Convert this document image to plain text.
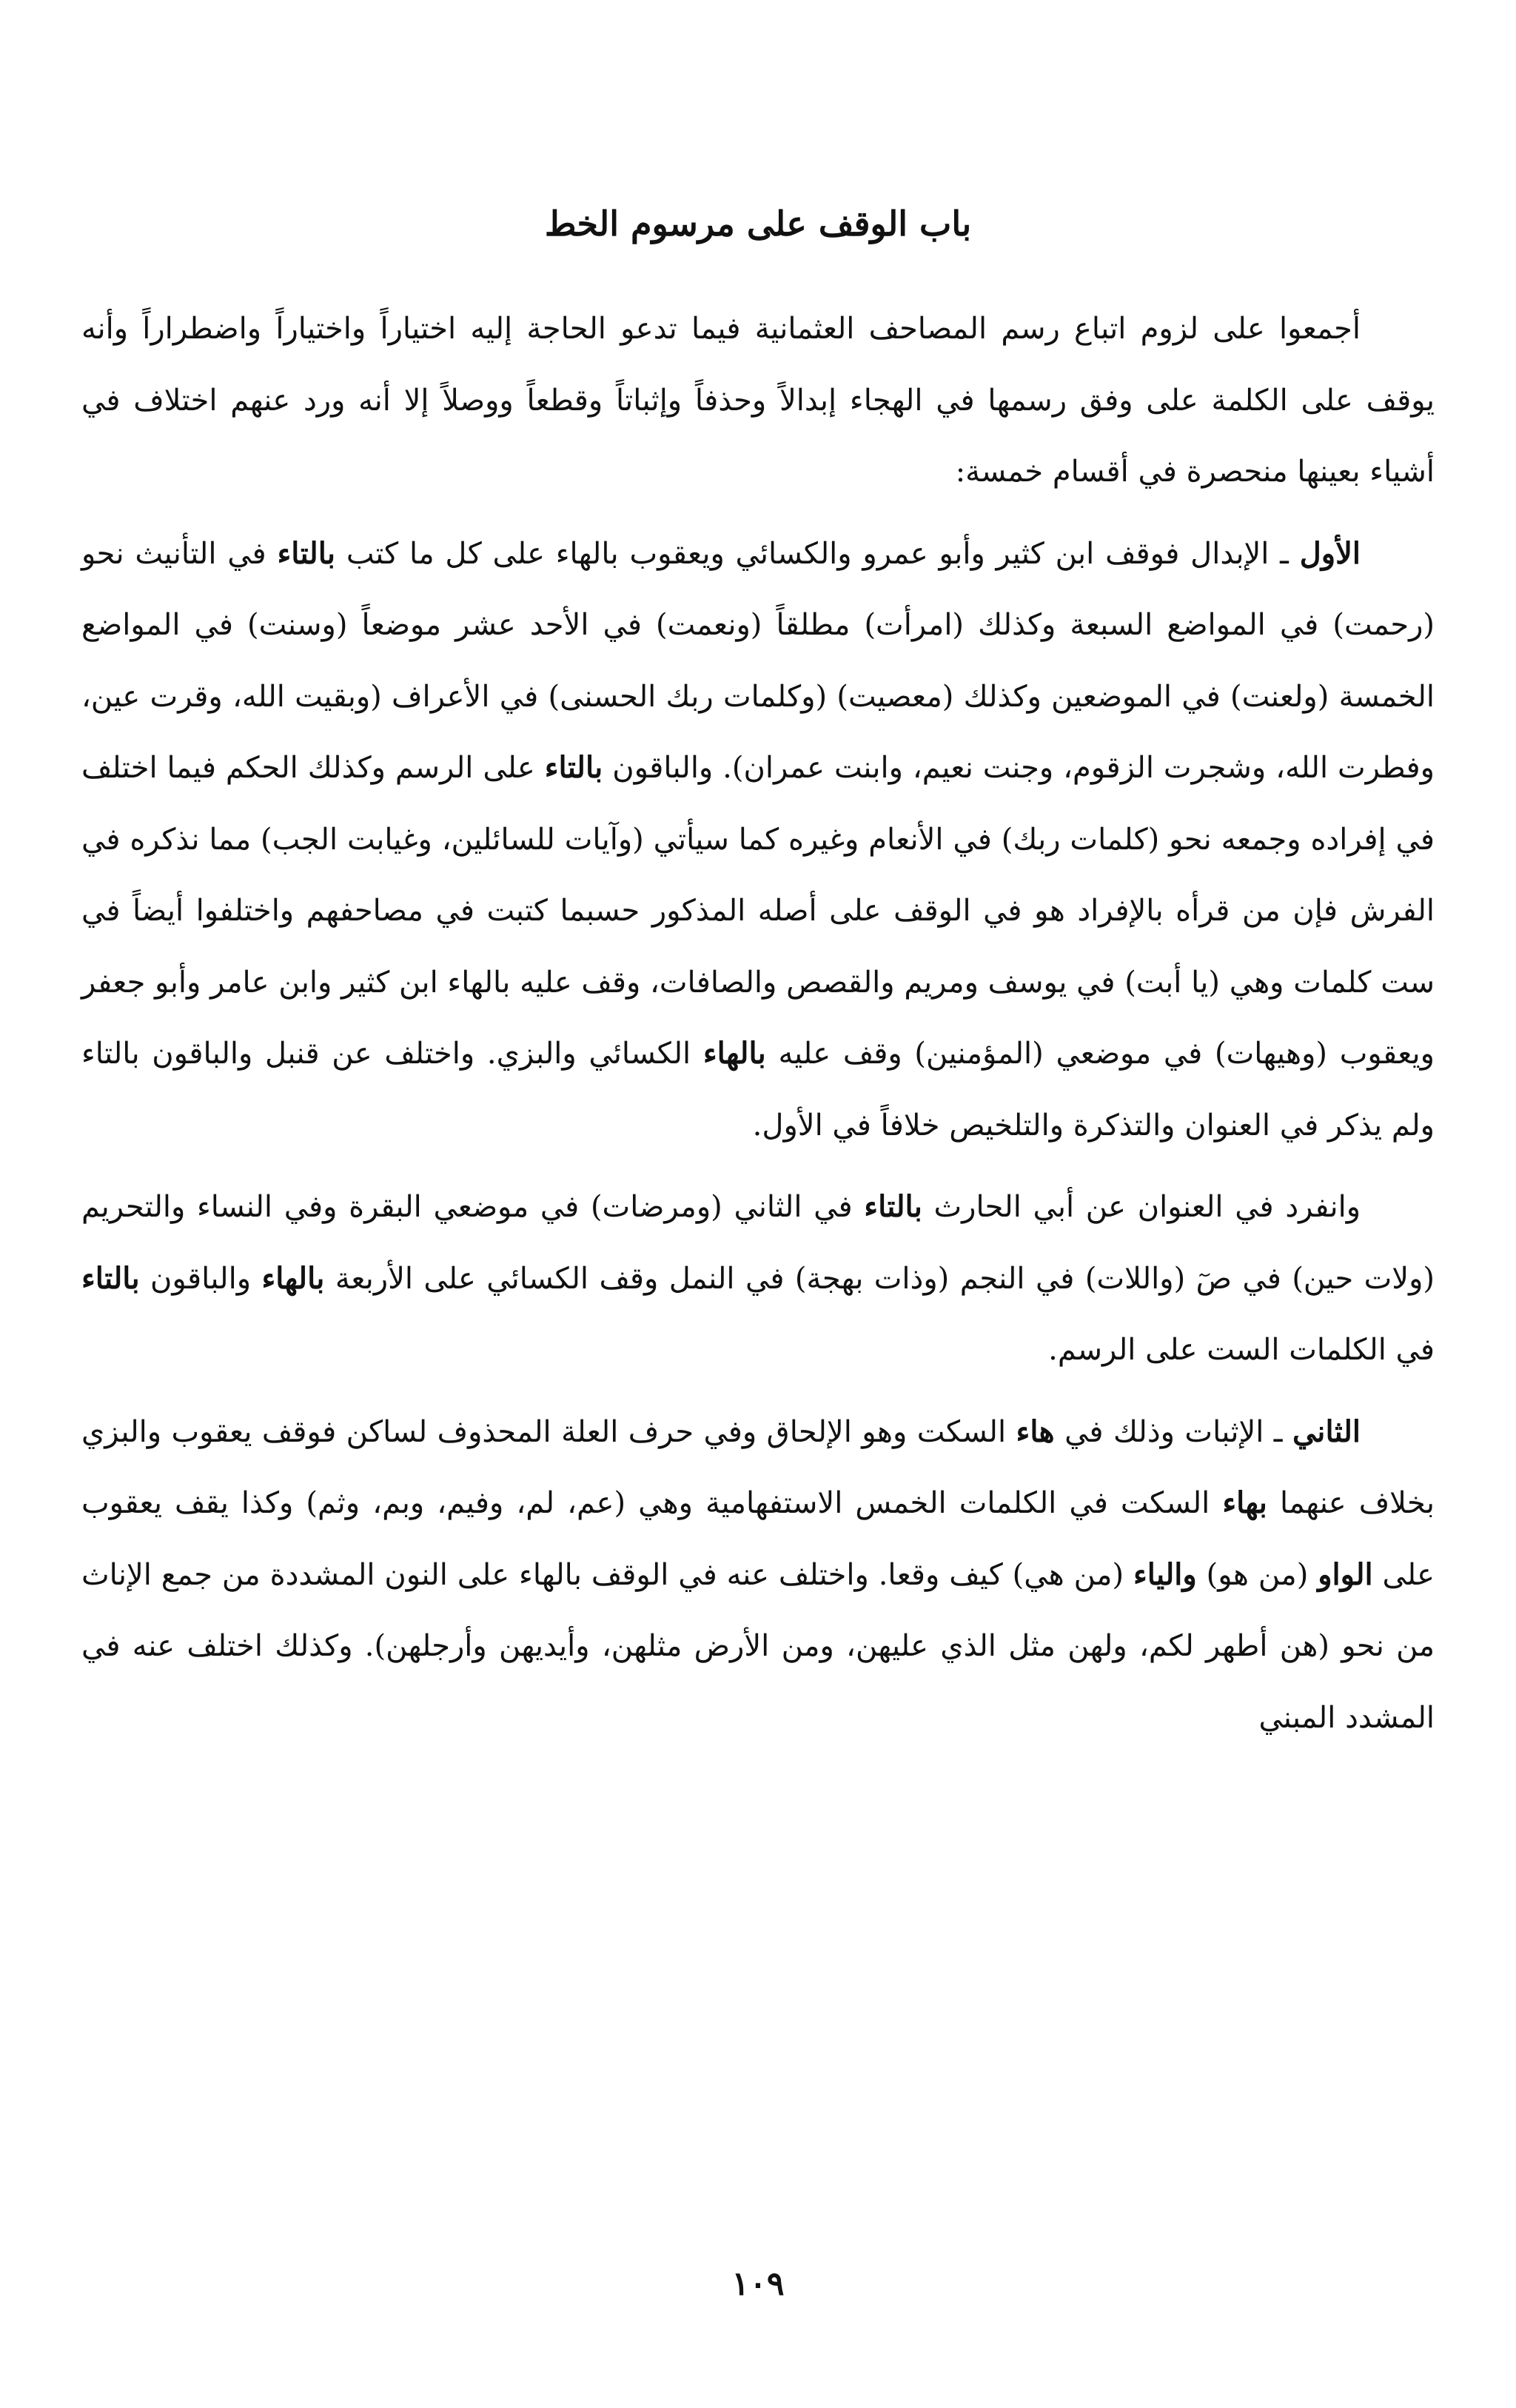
باب الوقف على مرسوم الخط

أجمعوا على لزوم اتباع رسم المصاحف العثمانية فيما تدعو الحاجة إليه اختياراً واختياراً واضطراراً وأنه يوقف على الكلمة على وفق رسمها في الهجاء إبدالاً وحذفاً وإثباتاً وقطعاً ووصلاً إلا أنه ورد عنهم اختلاف في أشياء بعينها منحصرة في أقسام خمسة:

الأول ـ الإبدال فوقف ابن كثير وأبو عمرو والكسائي ويعقوب بالهاء على كل ما كتب بالتاء في التأنيث نحو (رحمت) في المواضع السبعة وكذلك (امرأت) مطلقاً (ونعمت) في الأحد عشر موضعاً (وسنت) في المواضع الخمسة (ولعنت) في الموضعين وكذلك (معصيت) (وكلمات ربك الحسنى) في الأعراف (وبقيت الله، وقرت عين، وفطرت الله، وشجرت الزقوم، وجنت نعيم، وابنت عمران). والباقون بالتاء على الرسم وكذلك الحكم فيما اختلف في إفراده وجمعه نحو (كلمات ربك) في الأنعام وغيره كما سيأتي (وآيات للسائلين، وغيابت الجب) مما نذكره في الفرش فإن من قرأه بالإفراد هو في الوقف على أصله المذكور حسبما كتبت في مصاحفهم واختلفوا أيضاً في ست كلمات وهي (يا أبت) في يوسف ومريم والقصص والصافات، وقف عليه بالهاء ابن كثير وابن عامر وأبو جعفر ويعقوب (وهيهات) في موضعي (المؤمنين) وقف عليه بالهاء الكسائي والبزي. واختلف عن قنبل والباقون بالتاء ولم يذكر في العنوان والتذكرة والتلخيص خلافاً في الأول.

وانفرد في العنوان عن أبي الحارث بالتاء في الثاني (ومرضات) في موضعي البقرة وفي النساء والتحريم (ولات حين) في صٓ (واللات) في النجم (وذات بهجة) في النمل وقف الكسائي على الأربعة بالهاء والباقون بالتاء في الكلمات الست على الرسم.

الثاني ـ الإثبات وذلك في هاء السكت وهو الإلحاق وفي حرف العلة المحذوف لساكن فوقف يعقوب والبزي بخلاف عنهما بهاء السكت في الكلمات الخمس الاستفهامية وهي (عم، لم، وفيم، وبم، وثم) وكذا يقف يعقوب على الواو (من هو) والياء (من هي) كيف وقعا. واختلف عنه في الوقف بالهاء على النون المشددة من جمع الإناث من نحو (هن أطهر لكم، ولهن مثل الذي عليهن، ومن الأرض مثلهن، وأيديهن وأرجلهن). وكذلك اختلف عنه في المشدد المبني

١٠٩
